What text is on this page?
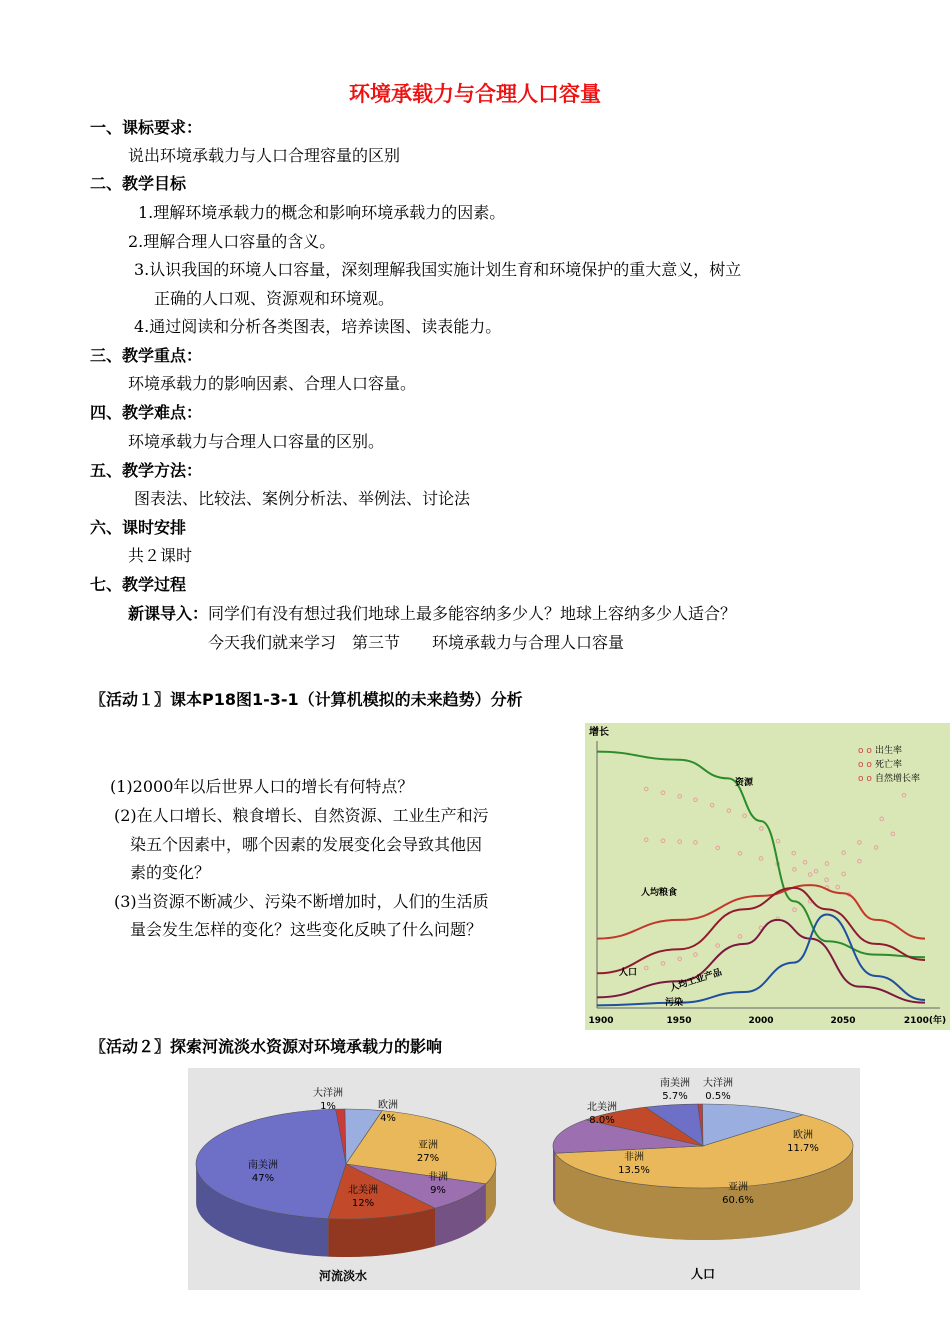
环境承载力与合理人口容量
一、课标要求：
说出环境承载力与人口合理容量的区别
二、教学目标
1.理解环境承载力的概念和影响环境承载力的因素。
2.理解合理人口容量的含义。
3.认识我国的环境人口容量，深刻理解我国实施计划生育和环境保护的重大意义，树立
正确的人口观、资源观和环境观。
4.通过阅读和分析各类图表，培养读图、读表能力。
三、教学重点：
环境承载力的影响因素、合理人口容量。
四、教学难点：
环境承载力与合理人口容量的区别。
五、教学方法：
图表法、比较法、案例分析法、举例法、讨论法
六、课时安排
共２课时
七、教学过程
新课导入：同学们有没有想过我们地球上最多能容纳多少人？地球上容纳多少人适合？
今天我们就来学习　第三节　　环境承载力与合理人口容量
〖活动１〗课本P18图1-3-1（计算机模拟的未来趋势）分析
(1)2000年以后世界人口的增长有何特点？
(2)在人口增长、粮食增长、自然资源、工业生产和污
染五个因素中，哪个因素的发展变化会导致其他因
素的变化？
(3)当资源不断减少、污染不断增加时，人们的生活质
量会发生怎样的变化？这些变化反映了什么问题？
增长
1900	1950	2000	2050	2100(年)
o o 出生率
o o 死亡率
o o 自然增长率
资源
人均粮食
人口	人均工业产品
污染
〖活动２〗探索河流淡水资源对环境承载力的影响
大洋洲
1%	欧洲
4%
亚洲
27%
非洲
9%
北美洲
12%
南美洲
47%
大洋洲
0.5%
欧洲
11.7%
亚洲
60.6%
非洲
13.5%
北美洲
8.0%
南美洲
5.7%
河流淡水	人口
